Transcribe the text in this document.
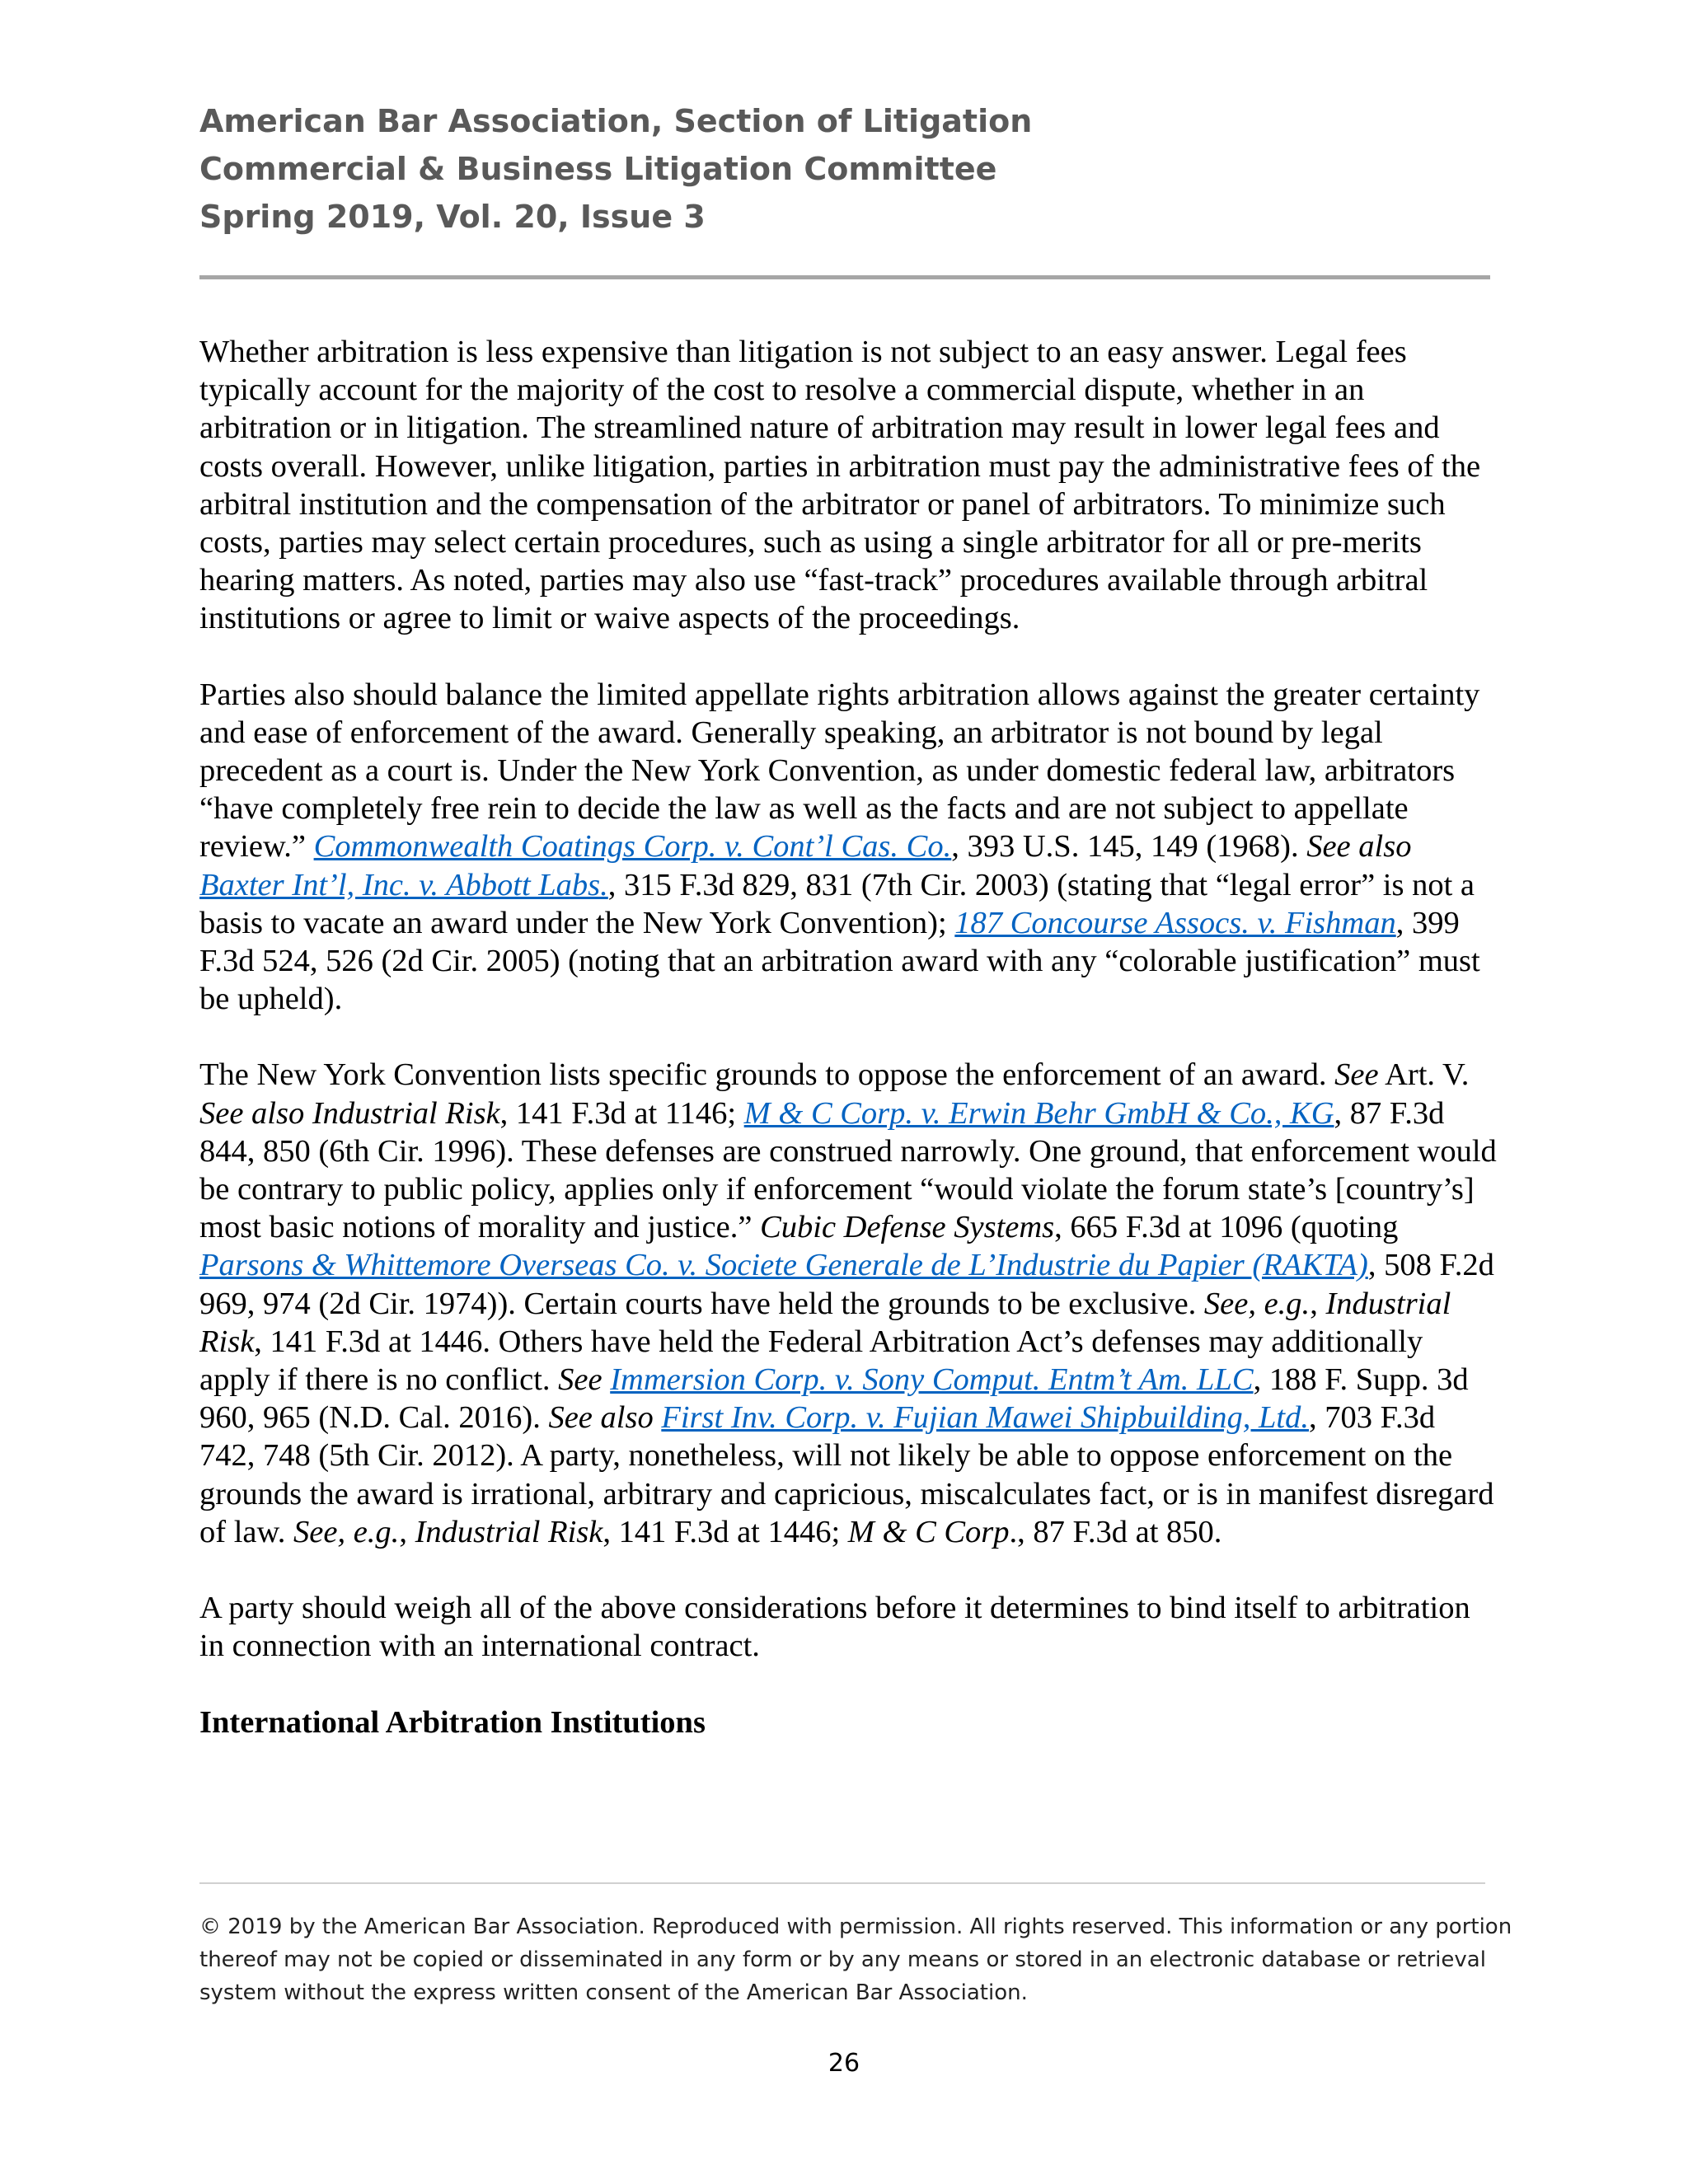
American Bar Association, Section of Litigation
Commercial & Business Litigation Committee
Spring 2019, Vol. 20, Issue 3

Whether arbitration is less expensive than litigation is not subject to an easy answer. Legal fees typically account for the majority of the cost to resolve a commercial dispute, whether in an arbitration or in litigation. The streamlined nature of arbitration may result in lower legal fees and costs overall. However, unlike litigation, parties in arbitration must pay the administrative fees of the arbitral institution and the compensation of the arbitrator or panel of arbitrators. To minimize such costs, parties may select certain procedures, such as using a single arbitrator for all or pre-merits hearing matters. As noted, parties may also use “fast-track” procedures available through arbitral institutions or agree to limit or waive aspects of the proceedings.

Parties also should balance the limited appellate rights arbitration allows against the greater certainty and ease of enforcement of the award. Generally speaking, an arbitrator is not bound by legal precedent as a court is. Under the New York Convention, as under domestic federal law, arbitrators “have completely free rein to decide the law as well as the facts and are not subject to appellate review.” Commonwealth Coatings Corp. v. Cont’l Cas. Co., 393 U.S. 145, 149 (1968). See also Baxter Int’l, Inc. v. Abbott Labs., 315 F.3d 829, 831 (7th Cir. 2003) (stating that “legal error” is not a basis to vacate an award under the New York Convention); 187 Concourse Assocs. v. Fishman, 399 F.3d 524, 526 (2d Cir. 2005) (noting that an arbitration award with any “colorable justification” must be upheld).

The New York Convention lists specific grounds to oppose the enforcement of an award. See Art. V. See also Industrial Risk, 141 F.3d at 1146; M & C Corp. v. Erwin Behr GmbH & Co., KG, 87 F.3d 844, 850 (6th Cir. 1996). These defenses are construed narrowly. One ground, that enforcement would be contrary to public policy, applies only if enforcement “would violate the forum state’s [country’s] most basic notions of morality and justice.” Cubic Defense Systems, 665 F.3d at 1096 (quoting Parsons & Whittemore Overseas Co. v. Societe Generale de L’Industrie du Papier (RAKTA), 508 F.2d 969, 974 (2d Cir. 1974)). Certain courts have held the grounds to be exclusive. See, e.g., Industrial Risk, 141 F.3d at 1446. Others have held the Federal Arbitration Act’s defenses may additionally apply if there is no conflict. See Immersion Corp. v. Sony Comput. Entm’t Am. LLC, 188 F. Supp. 3d 960, 965 (N.D. Cal. 2016). See also First Inv. Corp. v. Fujian Mawei Shipbuilding, Ltd., 703 F.3d 742, 748 (5th Cir. 2012). A party, nonetheless, will not likely be able to oppose enforcement on the grounds the award is irrational, arbitrary and capricious, miscalculates fact, or is in manifest disregard of law. See, e.g., Industrial Risk, 141 F.3d at 1446; M & C Corp., 87 F.3d at 850.

A party should weigh all of the above considerations before it determines to bind itself to arbitration in connection with an international contract.

International Arbitration Institutions
© 2019 by the American Bar Association. Reproduced with permission. All rights reserved. This information or any portion thereof may not be copied or disseminated in any form or by any means or stored in an electronic database or retrieval system without the express written consent of the American Bar Association.
26
